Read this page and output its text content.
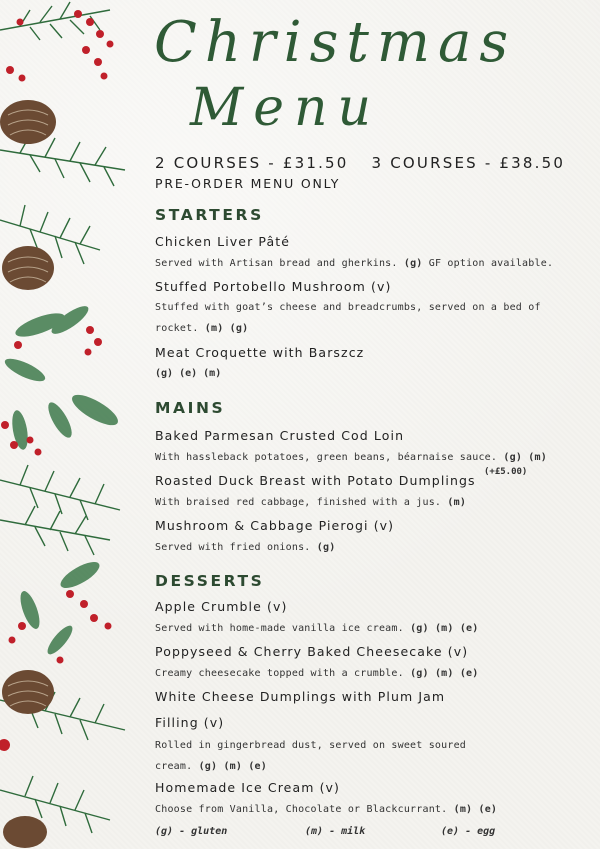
Christmas
Menu
2 COURSES - £31.50 3 COURSES - £38.50
PRE-ORDER MENU ONLY
STARTERS
Chicken Liver Pâté
Served with Artisan bread and gherkins. (g) GF option available.
Stuffed Portobello Mushroom (v)
Stuffed with goat’s cheese and breadcrumbs, served on a bed of
rocket. (m) (g)
Meat Croquette with Barszcz
(g) (e) (m)
MAINS
Baked Parmesan Crusted Cod Loin
With hassleback potatoes, green beans, béarnaise sauce. (g) (m)
Roasted Duck Breast with Potato Dumplings
(+£5.00)
With braised red cabbage, finished with a jus. (m)
Mushroom & Cabbage Pierogi (v)
Served with fried onions. (g)
DESSERTS
Apple Crumble (v)
Served with home-made vanilla ice cream. (g) (m) (e)
Poppyseed & Cherry Baked Cheesecake (v)
Creamy cheesecake topped with a crumble. (g) (m) (e)
White Cheese Dumplings with Plum Jam
Filling (v)
Rolled in gingerbread dust, served on sweet soured
cream. (g) (m) (e)
Homemade Ice Cream (v)
Choose from Vanilla, Chocolate or Blackcurrant. (m) (e)
(g) - gluten	(m) - milk	(e) - egg
